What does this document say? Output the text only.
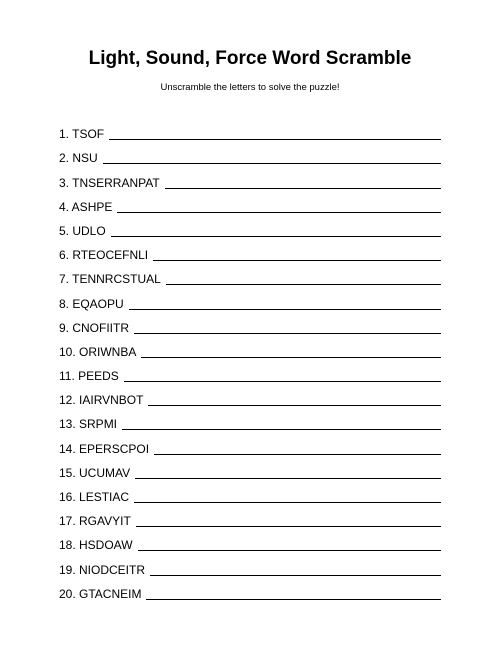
Light, Sound, Force Word Scramble
Unscramble the letters to solve the puzzle!
1. TSOF
2. NSU
3. TNSERRANPAT
4. ASHPE
5. UDLO
6. RTEOCEFNLI
7. TENNRCSTUAL
8. EQAOPU
9. CNOFIITR
10. ORIWNBA
11. PEEDS
12. IAIRVNBOT
13. SRPMI
14. EPERSCPOI
15. UCUMAV
16. LESTIAC
17. RGAVYIT
18. HSDOAW
19. NIODCEITR
20. GTACNEIM
